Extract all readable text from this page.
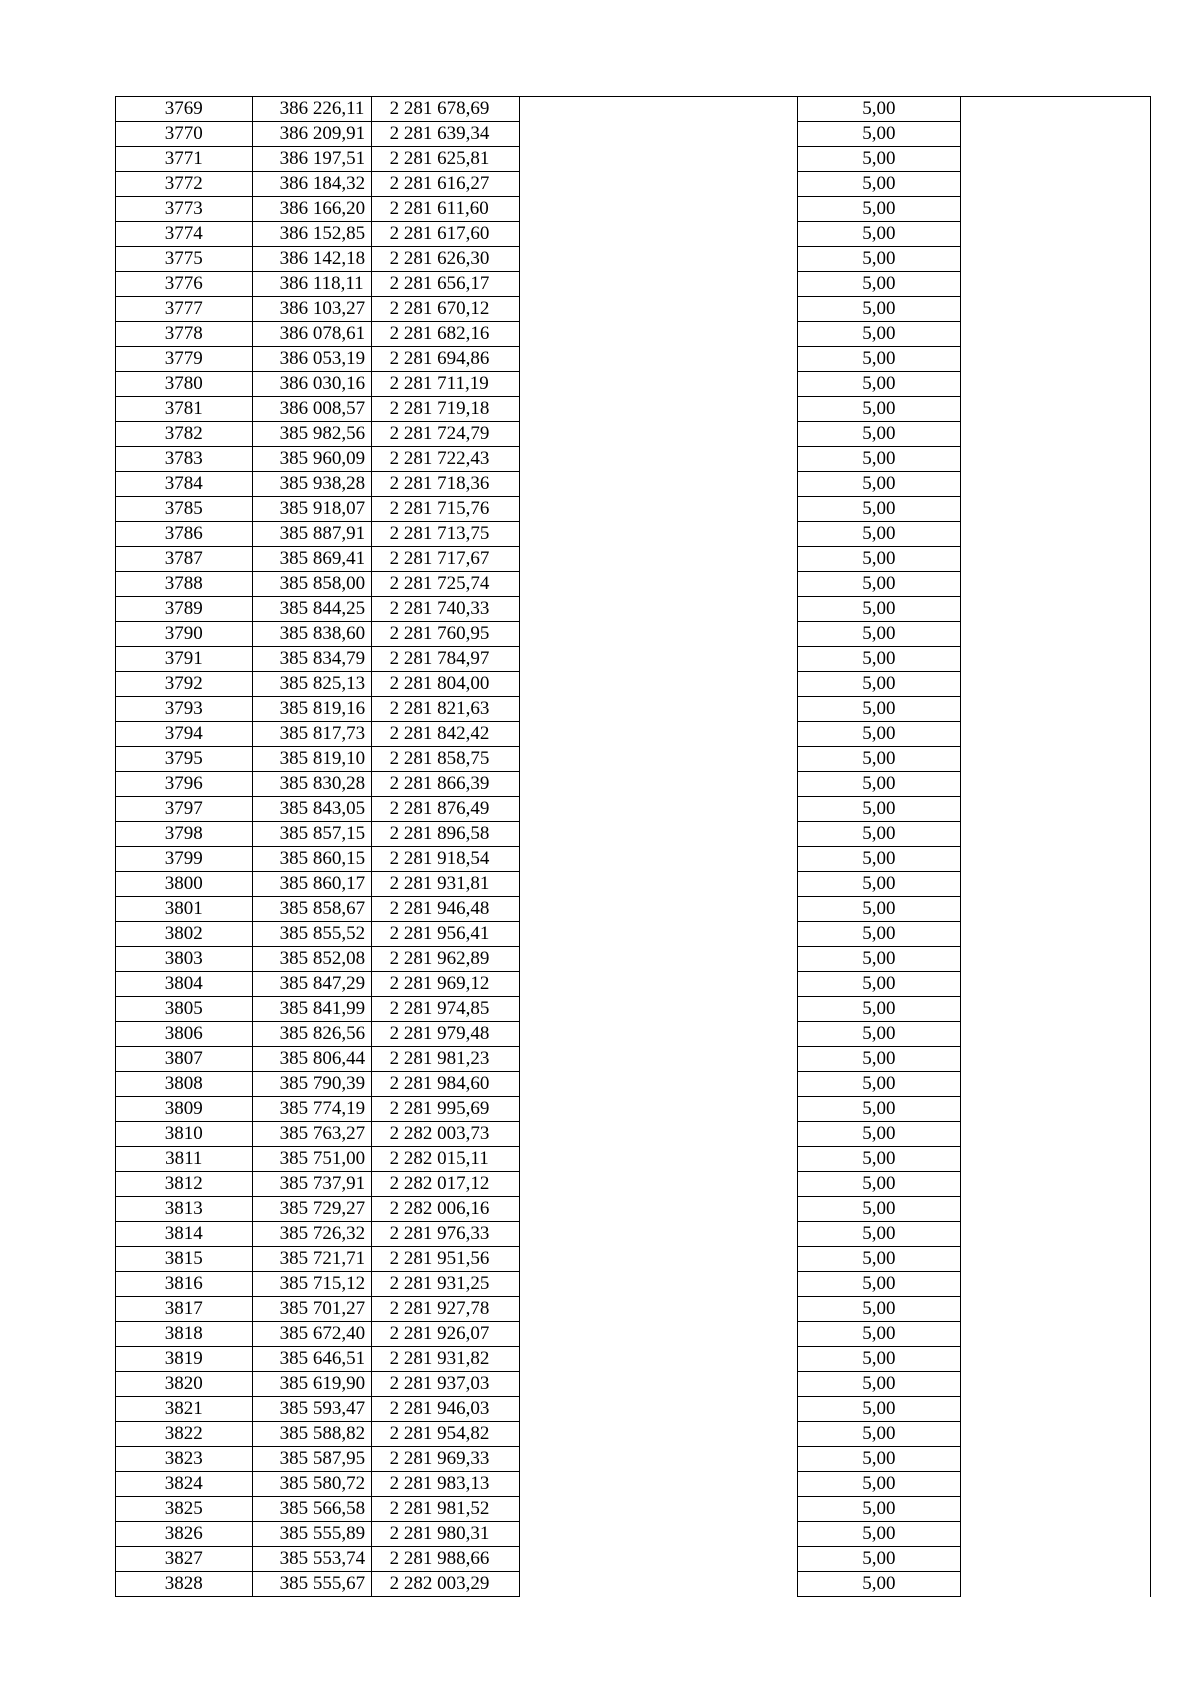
3769	386 226,11	2 281 678,69		5,00	
3770	386 209,91	2 281 639,34		5,00	
3771	386 197,51	2 281 625,81		5,00	
3772	386 184,32	2 281 616,27		5,00	
3773	386 166,20	2 281 611,60		5,00	
3774	386 152,85	2 281 617,60		5,00	
3775	386 142,18	2 281 626,30		5,00	
3776	386 118,11	2 281 656,17		5,00	
3777	386 103,27	2 281 670,12		5,00	
3778	386 078,61	2 281 682,16		5,00	
3779	386 053,19	2 281 694,86		5,00	
3780	386 030,16	2 281 711,19		5,00	
3781	386 008,57	2 281 719,18		5,00	
3782	385 982,56	2 281 724,79		5,00	
3783	385 960,09	2 281 722,43		5,00	
3784	385 938,28	2 281 718,36		5,00	
3785	385 918,07	2 281 715,76		5,00	
3786	385 887,91	2 281 713,75		5,00	
3787	385 869,41	2 281 717,67		5,00	
3788	385 858,00	2 281 725,74		5,00	
3789	385 844,25	2 281 740,33		5,00	
3790	385 838,60	2 281 760,95		5,00	
3791	385 834,79	2 281 784,97		5,00	
3792	385 825,13	2 281 804,00		5,00	
3793	385 819,16	2 281 821,63		5,00	
3794	385 817,73	2 281 842,42		5,00	
3795	385 819,10	2 281 858,75		5,00	
3796	385 830,28	2 281 866,39		5,00	
3797	385 843,05	2 281 876,49		5,00	
3798	385 857,15	2 281 896,58		5,00	
3799	385 860,15	2 281 918,54		5,00	
3800	385 860,17	2 281 931,81		5,00	
3801	385 858,67	2 281 946,48		5,00	
3802	385 855,52	2 281 956,41		5,00	
3803	385 852,08	2 281 962,89		5,00	
3804	385 847,29	2 281 969,12		5,00	
3805	385 841,99	2 281 974,85		5,00	
3806	385 826,56	2 281 979,48		5,00	
3807	385 806,44	2 281 981,23		5,00	
3808	385 790,39	2 281 984,60		5,00	
3809	385 774,19	2 281 995,69		5,00	
3810	385 763,27	2 282 003,73		5,00	
3811	385 751,00	2 282 015,11		5,00	
3812	385 737,91	2 282 017,12		5,00	
3813	385 729,27	2 282 006,16		5,00	
3814	385 726,32	2 281 976,33		5,00	
3815	385 721,71	2 281 951,56		5,00	
3816	385 715,12	2 281 931,25		5,00	
3817	385 701,27	2 281 927,78		5,00	
3818	385 672,40	2 281 926,07		5,00	
3819	385 646,51	2 281 931,82		5,00	
3820	385 619,90	2 281 937,03		5,00	
3821	385 593,47	2 281 946,03		5,00	
3822	385 588,82	2 281 954,82		5,00	
3823	385 587,95	2 281 969,33		5,00	
3824	385 580,72	2 281 983,13		5,00	
3825	385 566,58	2 281 981,52		5,00	
3826	385 555,89	2 281 980,31		5,00	
3827	385 553,74	2 281 988,66		5,00	
3828	385 555,67	2 282 003,29		5,00	
